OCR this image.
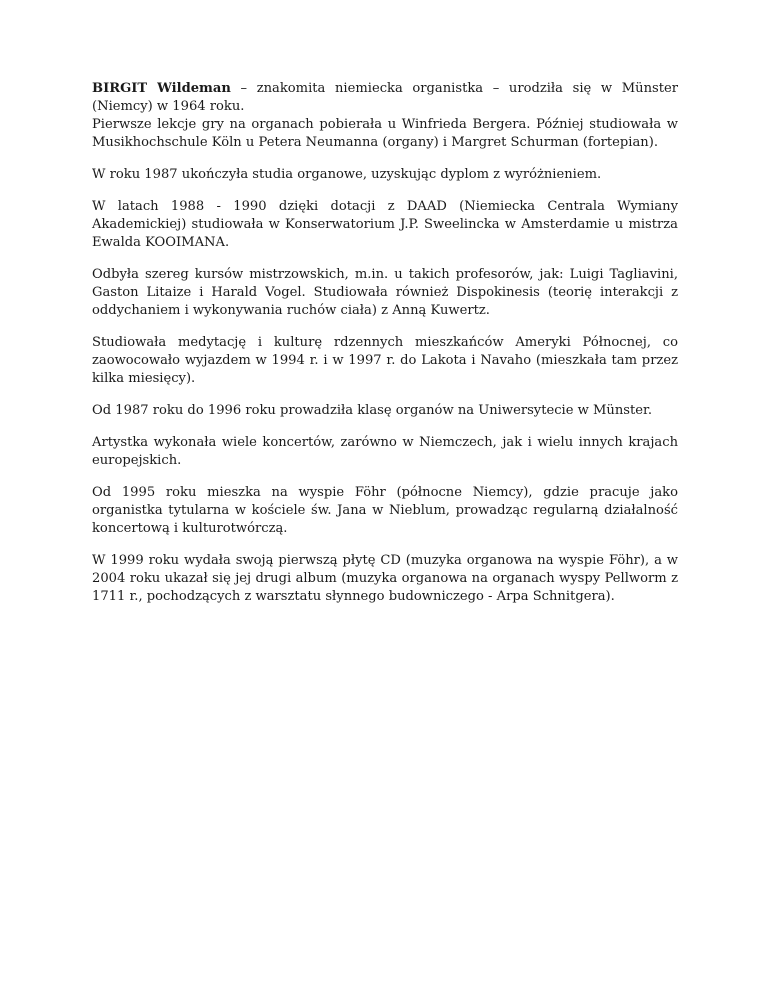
BIRGIT Wildeman – znakomita niemiecka organistka – urodziła się w Münster (Niemcy) w 1964 roku.

Pierwsze lekcje gry na organach pobierała u Winfrieda Bergera. Później studiowała w Musikhochschule Köln u Petera Neumanna (organy) i Margret Schurman (fortepian).

W roku 1987 ukończyła studia organowe, uzyskując dyplom z wyróżnieniem.

W latach 1988 - 1990 dzięki dotacji z DAAD (Niemiecka Centrala Wymiany Akademickiej) studiowała w Konserwatorium J.P. Sweelincka w Amsterdamie u mistrza Ewalda KOOIMANA.

Odbyła szereg kursów mistrzowskich, m.in. u takich profesorów, jak: Luigi Tagliavini, Gaston Litaize i Harald Vogel. Studiowała również Dispokinesis (teorię interakcji z oddychaniem i wykonywania ruchów ciała) z Anną Kuwertz.

Studiowała medytację i kulturę rdzennych mieszkańców Ameryki Północnej, co zaowocowało wyjazdem w 1994 r. i w 1997 r. do Lakota i Navaho (mieszkała tam przez kilka miesięcy).

Od 1987 roku do 1996 roku prowadziła klasę organów na Uniwersytecie w Münster.

Artystka wykonała wiele koncertów, zarówno w Niemczech, jak i wielu innych krajach europejskich.

Od 1995 roku mieszka na wyspie Föhr (północne Niemcy), gdzie pracuje jako organistka tytularna w kościele św. Jana w Nieblum, prowadząc regularną działalność koncertową i kulturotwórczą.

W 1999 roku wydała swoją pierwszą płytę CD (muzyka organowa na wyspie Föhr), a w 2004 roku ukazał się jej drugi album (muzyka organowa na organach wyspy Pellworm z 1711 r., pochodzących z warsztatu słynnego budowniczego - Arpa Schnitgera).
